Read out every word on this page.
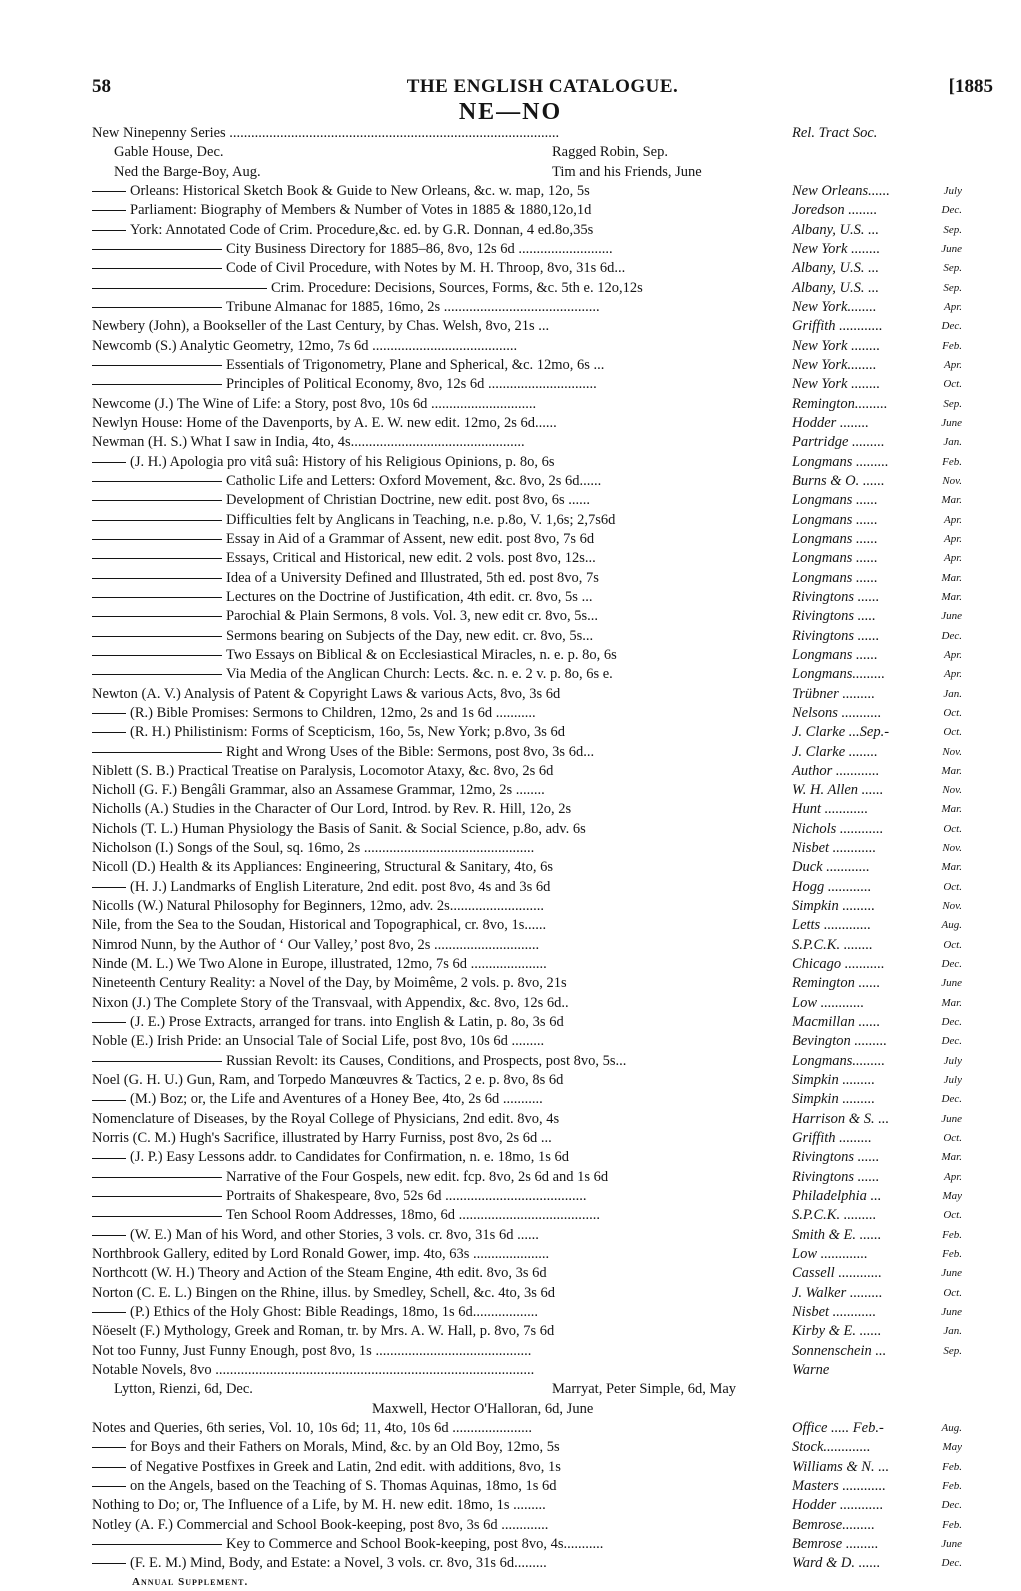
58	THE ENGLISH CATALOGUE.	[1885
NE—NO
New Ninepenny Series ...........................................................................................	Rel. Tract Soc.
Gable House, Dec.	Ragged Robin, Sep.
Ned the Barge-Boy, Aug.	Tim and his Friends, June
Orleans: Historical Sketch Book & Guide to New Orleans, &c. w. map, 12o, 5s	New Orleans......	July
Parliament: Biography of Members & Number of Votes in 1885 & 1880,12o,1d	Joredson ........	Dec.
York: Annotated Code of Crim. Procedure,&c. ed. by G.R. Donnan, 4 ed.8o,35s	Albany, U.S. ...	Sep.
City Business Directory for 1885–86, 8vo, 12s 6d ..........................	New York ........	June
Code of Civil Procedure, with Notes by M. H. Throop, 8vo, 31s 6d...	Albany, U.S. ...	Sep.
Crim. Procedure: Decisions, Sources, Forms, &c. 5th e. 12o,12s	Albany, U.S. ...	Sep.
Tribune Almanac for 1885, 16mo, 2s ...........................................	New York........	Apr.
Newbery (John), a Bookseller of the Last Century, by Chas. Welsh, 8vo, 21s ...	Griffith ............	Dec.
Newcomb (S.) Analytic Geometry, 12mo, 7s 6d ........................................	New York ........	Feb.
Essentials of Trigonometry, Plane and Spherical, &c. 12mo, 6s ...	New York........	Apr.
Principles of Political Economy, 8vo, 12s 6d ..............................	New York ........	Oct.
Newcome (J.) The Wine of Life: a Story, post 8vo, 10s 6d .............................	Remington.........	Sep.
Newlyn House: Home of the Davenports, by A. E. W. new edit. 12mo, 2s 6d......	Hodder ........	June
Newman (H. S.) What I saw in India, 4to, 4s................................................	Partridge .........	Jan.
(J. H.) Apologia pro vitâ suâ: History of his Religious Opinions, p. 8o, 6s	Longmans .........	Feb.
Catholic Life and Letters: Oxford Movement, &c. 8vo, 2s 6d......	Burns & O. ......	Nov.
Development of Christian Doctrine, new edit. post 8vo, 6s ......	Longmans ......	Mar.
Difficulties felt by Anglicans in Teaching, n.e. p.8o, V. 1,6s; 2,7s6d	Longmans ......	Apr.
Essay in Aid of a Grammar of Assent, new edit. post 8vo, 7s 6d	Longmans ......	Apr.
Essays, Critical and Historical, new edit. 2 vols. post 8vo, 12s...	Longmans ......	Apr.
Idea of a University Defined and Illustrated, 5th ed. post 8vo, 7s	Longmans ......	Mar.
Lectures on the Doctrine of Justification, 4th edit. cr. 8vo, 5s ...	Rivingtons ......	Mar.
Parochial & Plain Sermons, 8 vols. Vol. 3, new edit cr. 8vo, 5s...	Rivingtons .....	June
Sermons bearing on Subjects of the Day, new edit. cr. 8vo, 5s...	Rivingtons ......	Dec.
Two Essays on Biblical & on Ecclesiastical Miracles, n. e. p. 8o, 6s	Longmans ......	Apr.
Via Media of the Anglican Church: Lects. &c. n. e. 2 v. p. 8o, 6s e.	Longmans.........	Apr.
Newton (A. V.) Analysis of Patent & Copyright Laws & various Acts, 8vo, 3s 6d	Trübner .........	Jan.
(R.) Bible Promises: Sermons to Children, 12mo, 2s and 1s 6d ...........	Nelsons ...........	Oct.
(R. H.) Philistinism: Forms of Scepticism, 16o, 5s, New York; p.8vo, 3s 6d	J. Clarke ...Sep.-	Oct.
Right and Wrong Uses of the Bible: Sermons, post 8vo, 3s 6d...	J. Clarke ........	Nov.
Niblett (S. B.) Practical Treatise on Paralysis, Locomotor Ataxy, &c. 8vo, 2s 6d	Author ............	Mar.
Nicholl (G. F.) Bengâli Grammar, also an Assamese Grammar, 12mo, 2s ........	W. H. Allen ......	Nov.
Nicholls (A.) Studies in the Character of Our Lord, Introd. by Rev. R. Hill, 12o, 2s	Hunt ............	Mar.
Nichols (T. L.) Human Physiology the Basis of Sanit. & Social Science, p.8o, adv. 6s	Nichols ............	Oct.
Nicholson (I.) Songs of the Soul, sq. 16mo, 2s ...............................................	Nisbet ............	Nov.
Nicoll (D.) Health & its Appliances: Engineering, Structural & Sanitary, 4to, 6s	Duck ............	Mar.
(H. J.) Landmarks of English Literature, 2nd edit. post 8vo, 4s and 3s 6d	Hogg ............	Oct.
Nicolls (W.) Natural Philosophy for Beginners, 12mo, adv. 2s..........................	Simpkin .........	Nov.
Nile, from the Sea to the Soudan, Historical and Topographical, cr. 8vo, 1s......	Letts .............	Aug.
Nimrod Nunn, by the Author of ‘ Our Valley,’ post 8vo, 2s .............................	S.P.C.K. ........	Oct.
Ninde (M. L.) We Two Alone in Europe, illustrated, 12mo, 7s 6d .....................	Chicago ...........	Dec.
Nineteenth Century Reality: a Novel of the Day, by Moimême, 2 vols. p. 8vo, 21s	Remington ......	June
Nixon (J.) The Complete Story of the Transvaal, with Appendix, &c. 8vo, 12s 6d..	Low ............	Mar.
(J. E.) Prose Extracts, arranged for trans. into English & Latin, p. 8o, 3s 6d	Macmillan ......	Dec.
Noble (E.) Irish Pride: an Unsocial Tale of Social Life, post 8vo, 10s 6d .........	Bevington .........	Dec.
Russian Revolt: its Causes, Conditions, and Prospects, post 8vo, 5s...	Longmans.........	July
Noel (G. H. U.) Gun, Ram, and Torpedo Manœuvres & Tactics, 2 e. p. 8vo, 8s 6d	Simpkin .........	July
(M.) Boz; or, the Life and Aventures of a Honey Bee, 4to, 2s 6d ...........	Simpkin .........	Dec.
Nomenclature of Diseases, by the Royal College of Physicians, 2nd edit. 8vo, 4s	Harrison & S. ...	June
Norris (C. M.) Hugh's Sacrifice, illustrated by Harry Furniss, post 8vo, 2s 6d ...	Griffith .........	Oct.
(J. P.) Easy Lessons addr. to Candidates for Confirmation, n. e. 18mo, 1s 6d	Rivingtons ......	Mar.
Narrative of the Four Gospels, new edit. fcp. 8vo, 2s 6d and 1s 6d	Rivingtons ......	Apr.
Portraits of Shakespeare, 8vo, 52s 6d .......................................	Philadelphia ...	May
Ten School Room Addresses, 18mo, 6d .......................................	S.P.C.K. .........	Oct.
(W. E.) Man of his Word, and other Stories, 3 vols. cr. 8vo, 31s 6d ......	Smith & E. ......	Feb.
Northbrook Gallery, edited by Lord Ronald Gower, imp. 4to, 63s .....................	Low .............	Feb.
Northcott (W. H.) Theory and Action of the Steam Engine, 4th edit. 8vo, 3s 6d	Cassell ............	June
Norton (C. E. L.) Bingen on the Rhine, illus. by Smedley, Schell, &c. 4to, 3s 6d	J. Walker .........	Oct.
(P.) Ethics of the Holy Ghost: Bible Readings, 18mo, 1s 6d..................	Nisbet ............	June
Nöeselt (F.) Mythology, Greek and Roman, tr. by Mrs. A. W. Hall, p. 8vo, 7s 6d	Kirby & E. ......	Jan.
Not too Funny, Just Funny Enough, post 8vo, 1s ...........................................	Sonnenschein ...	Sep.
Notable Novels, 8vo ........................................................................................	Warne
Lytton, Rienzi, 6d, Dec.	Marryat, Peter Simple, 6d, May
Maxwell, Hector O'Halloran, 6d, June
Notes and Queries, 6th series, Vol. 10, 10s 6d; 11, 4to, 10s 6d ......................	Office ..... Feb.-	Aug.
for Boys and their Fathers on Morals, Mind, &c. by an Old Boy, 12mo, 5s	Stock.............	May
of Negative Postfixes in Greek and Latin, 2nd edit. with additions, 8vo, 1s	Williams & N. ...	Feb.
on the Angels, based on the Teaching of S. Thomas Aquinas, 18mo, 1s 6d	Masters ............	Feb.
Nothing to Do; or, The Influence of a Life, by M. H. new edit. 18mo, 1s .........	Hodder ............	Dec.
Notley (A. F.) Commercial and School Book-keeping, post 8vo, 3s 6d .............	Bemrose.........	Feb.
Key to Commerce and School Book-keeping, post 8vo, 4s...........	Bemrose .........	June
(F. E. M.) Mind, Body, and Estate: a Novel, 3 vols. cr. 8vo, 31s 6d.........	Ward & D. ......	Dec.
Annual Supplement.
